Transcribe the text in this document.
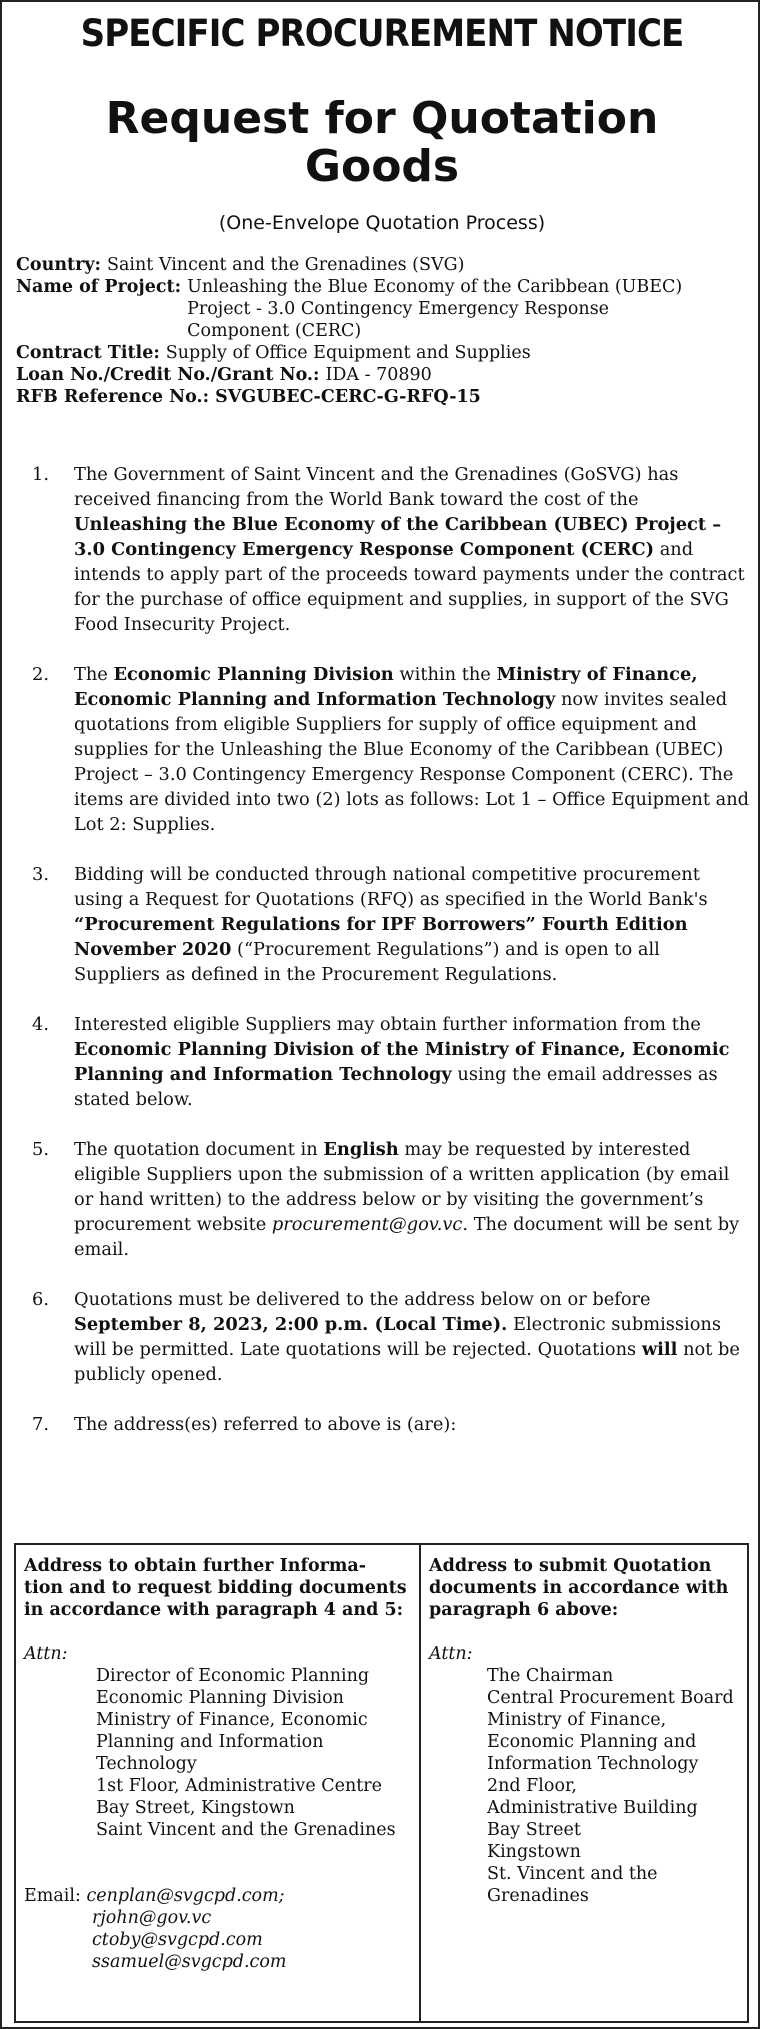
SPECIFIC PROCUREMENT NOTICE
Request for Quotation
Goods
(One-Envelope Quotation Process)
Country: Saint Vincent and the Grenadines (SVG)
Name of Project: Unleashing the Blue Economy of the Caribbean (UBEC)
Project - 3.0 Contingency Emergency Response
Component (CERC)
Contract Title: Supply of Office Equipment and Supplies
Loan No./Credit No./Grant No.: IDA - 70890
RFB Reference No.: SVGUBEC-CERC-G-RFQ-15
1.	The Government of Saint Vincent and the Grenadines (GoSVG) has received financing from the World Bank toward the cost of the Unleashing the Blue Economy of the Caribbean (UBEC) Project – 3.0 Contingency Emergency Response Component (CERC) and intends to apply part of the proceeds toward payments under the contract for the purchase of office equipment and supplies, in support of the SVG Food Insecurity Project.
2.	The Economic Planning Division within the Ministry of Finance, Economic Planning and Information Technology now invites sealed quotations from eligible Suppliers for supply of office equipment and supplies for the Unleashing the Blue Economy of the Caribbean (UBEC) Project – 3.0 Contingency Emergency Response Component (CERC). The items are divided into two (2) lots as follows: Lot 1 – Office Equipment and Lot 2: Supplies.
3.	Bidding will be conducted through national competitive procurement using a Request for Quotations (RFQ) as specified in the World Bank's “Procurement Regulations for IPF Borrowers” Fourth Edition November 2020 (“Procurement Regulations”) and is open to all Suppliers as defined in the Procurement Regulations.
4.	Interested eligible Suppliers may obtain further information from the Economic Planning Division of the Ministry of Finance, Economic Planning and Information Technology using the email addresses as stated below.
5.	The quotation document in English may be requested by interested eligible Suppliers upon the submission of a written application (by email or hand written) to the address below or by visiting the government’s procurement website procurement@gov.vc. The document will be sent by email.
6.	Quotations must be delivered to the address below on or before September 8, 2023, 2:00 p.m. (Local Time). Electronic submissions will be permitted. Late quotations will be rejected. Quotations will not be publicly opened.
7.	The address(es) referred to above is (are):
Address to obtain further Informa- tion and to request bidding documents in accordance with paragraph 4 and 5:
Attn:
Director of Economic Planning
Economic Planning Division
Ministry of Finance, Economic
Planning and Information
Technology
1st Floor, Administrative Centre
Bay Street, Kingstown
Saint Vincent and the Grenadines
Email: cenplan@svgcpd.com;
rjohn@gov.vc
ctoby@svgcpd.com
ssamuel@svgcpd.com
Address to submit Quotation documents in accordance with paragraph 6 above:
Attn:
The Chairman
Central Procurement Board
Ministry of Finance,
Economic Planning and
Information Technology
2nd Floor,
Administrative Building
Bay Street
Kingstown
St. Vincent and the
Grenadines
